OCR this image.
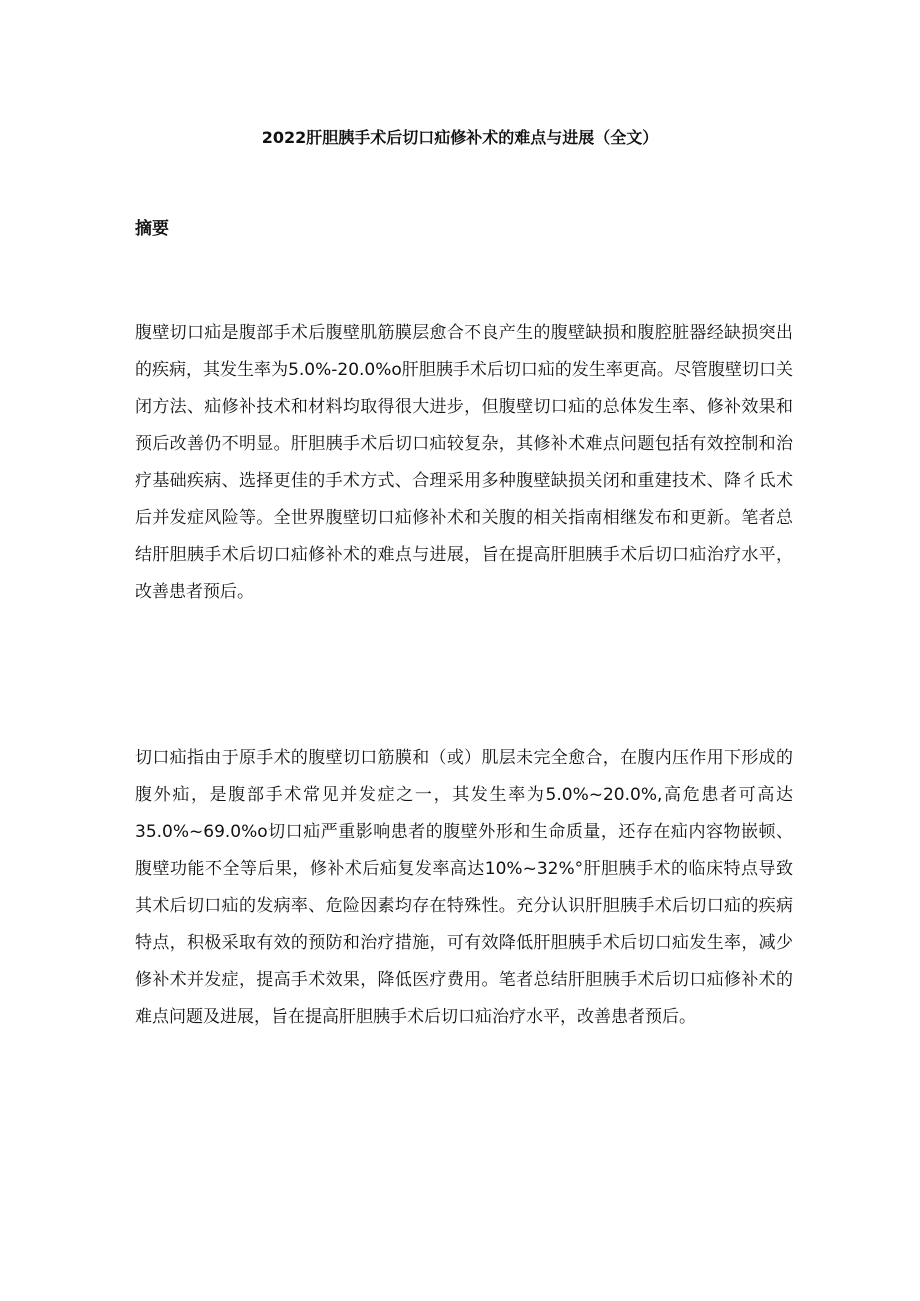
2022肝胆胰手术后切口疝修补术的难点与进展（全文）
摘要

腹壁切口疝是腹部手术后腹壁肌筋膜层愈合不良产生的腹壁缺损和腹腔脏器经缺损突出的疾病，其发生率为5.0%-20.0%o肝胆胰手术后切口疝的发生率更高。尽管腹壁切口关闭方法、疝修补技术和材料均取得很大进步，但腹壁切口疝的总体发生率、修补效果和预后改善仍不明显。肝胆胰手术后切口疝较复杂，其修补术难点问题包括有效控制和治疗基础疾病、选择更佳的手术方式、合理采用多种腹壁缺损关闭和重建技术、降彳氐术后并发症风险等。全世界腹壁切口疝修补术和关腹的相关指南相继发布和更新。笔者总结肝胆胰手术后切口疝修补术的难点与进展，旨在提高肝胆胰手术后切口疝治疗水平，改善患者预后。

切口疝指由于原手术的腹壁切口筋膜和（或）肌层未完全愈合，在腹内压作用下形成的腹外疝，是腹部手术常见并发症之一，其发生率为5.0%~20.0%,高危患者可高达35.0%~69.0%o切口疝严重影响患者的腹壁外形和生命质量，还存在疝内容物嵌顿、腹壁功能不全等后果，修补术后疝复发率高达10%~32%°肝胆胰手术的临床特点导致其术后切口疝的发病率、危险因素均存在特殊性。充分认识肝胆胰手术后切口疝的疾病特点，积极采取有效的预防和治疗措施，可有效降低肝胆胰手术后切口疝发生率，减少修补术并发症，提高手术效果，降低医疗费用。笔者总结肝胆胰手术后切口疝修补术的难点问题及进展，旨在提高肝胆胰手术后切口疝治疗水平，改善患者预后。
